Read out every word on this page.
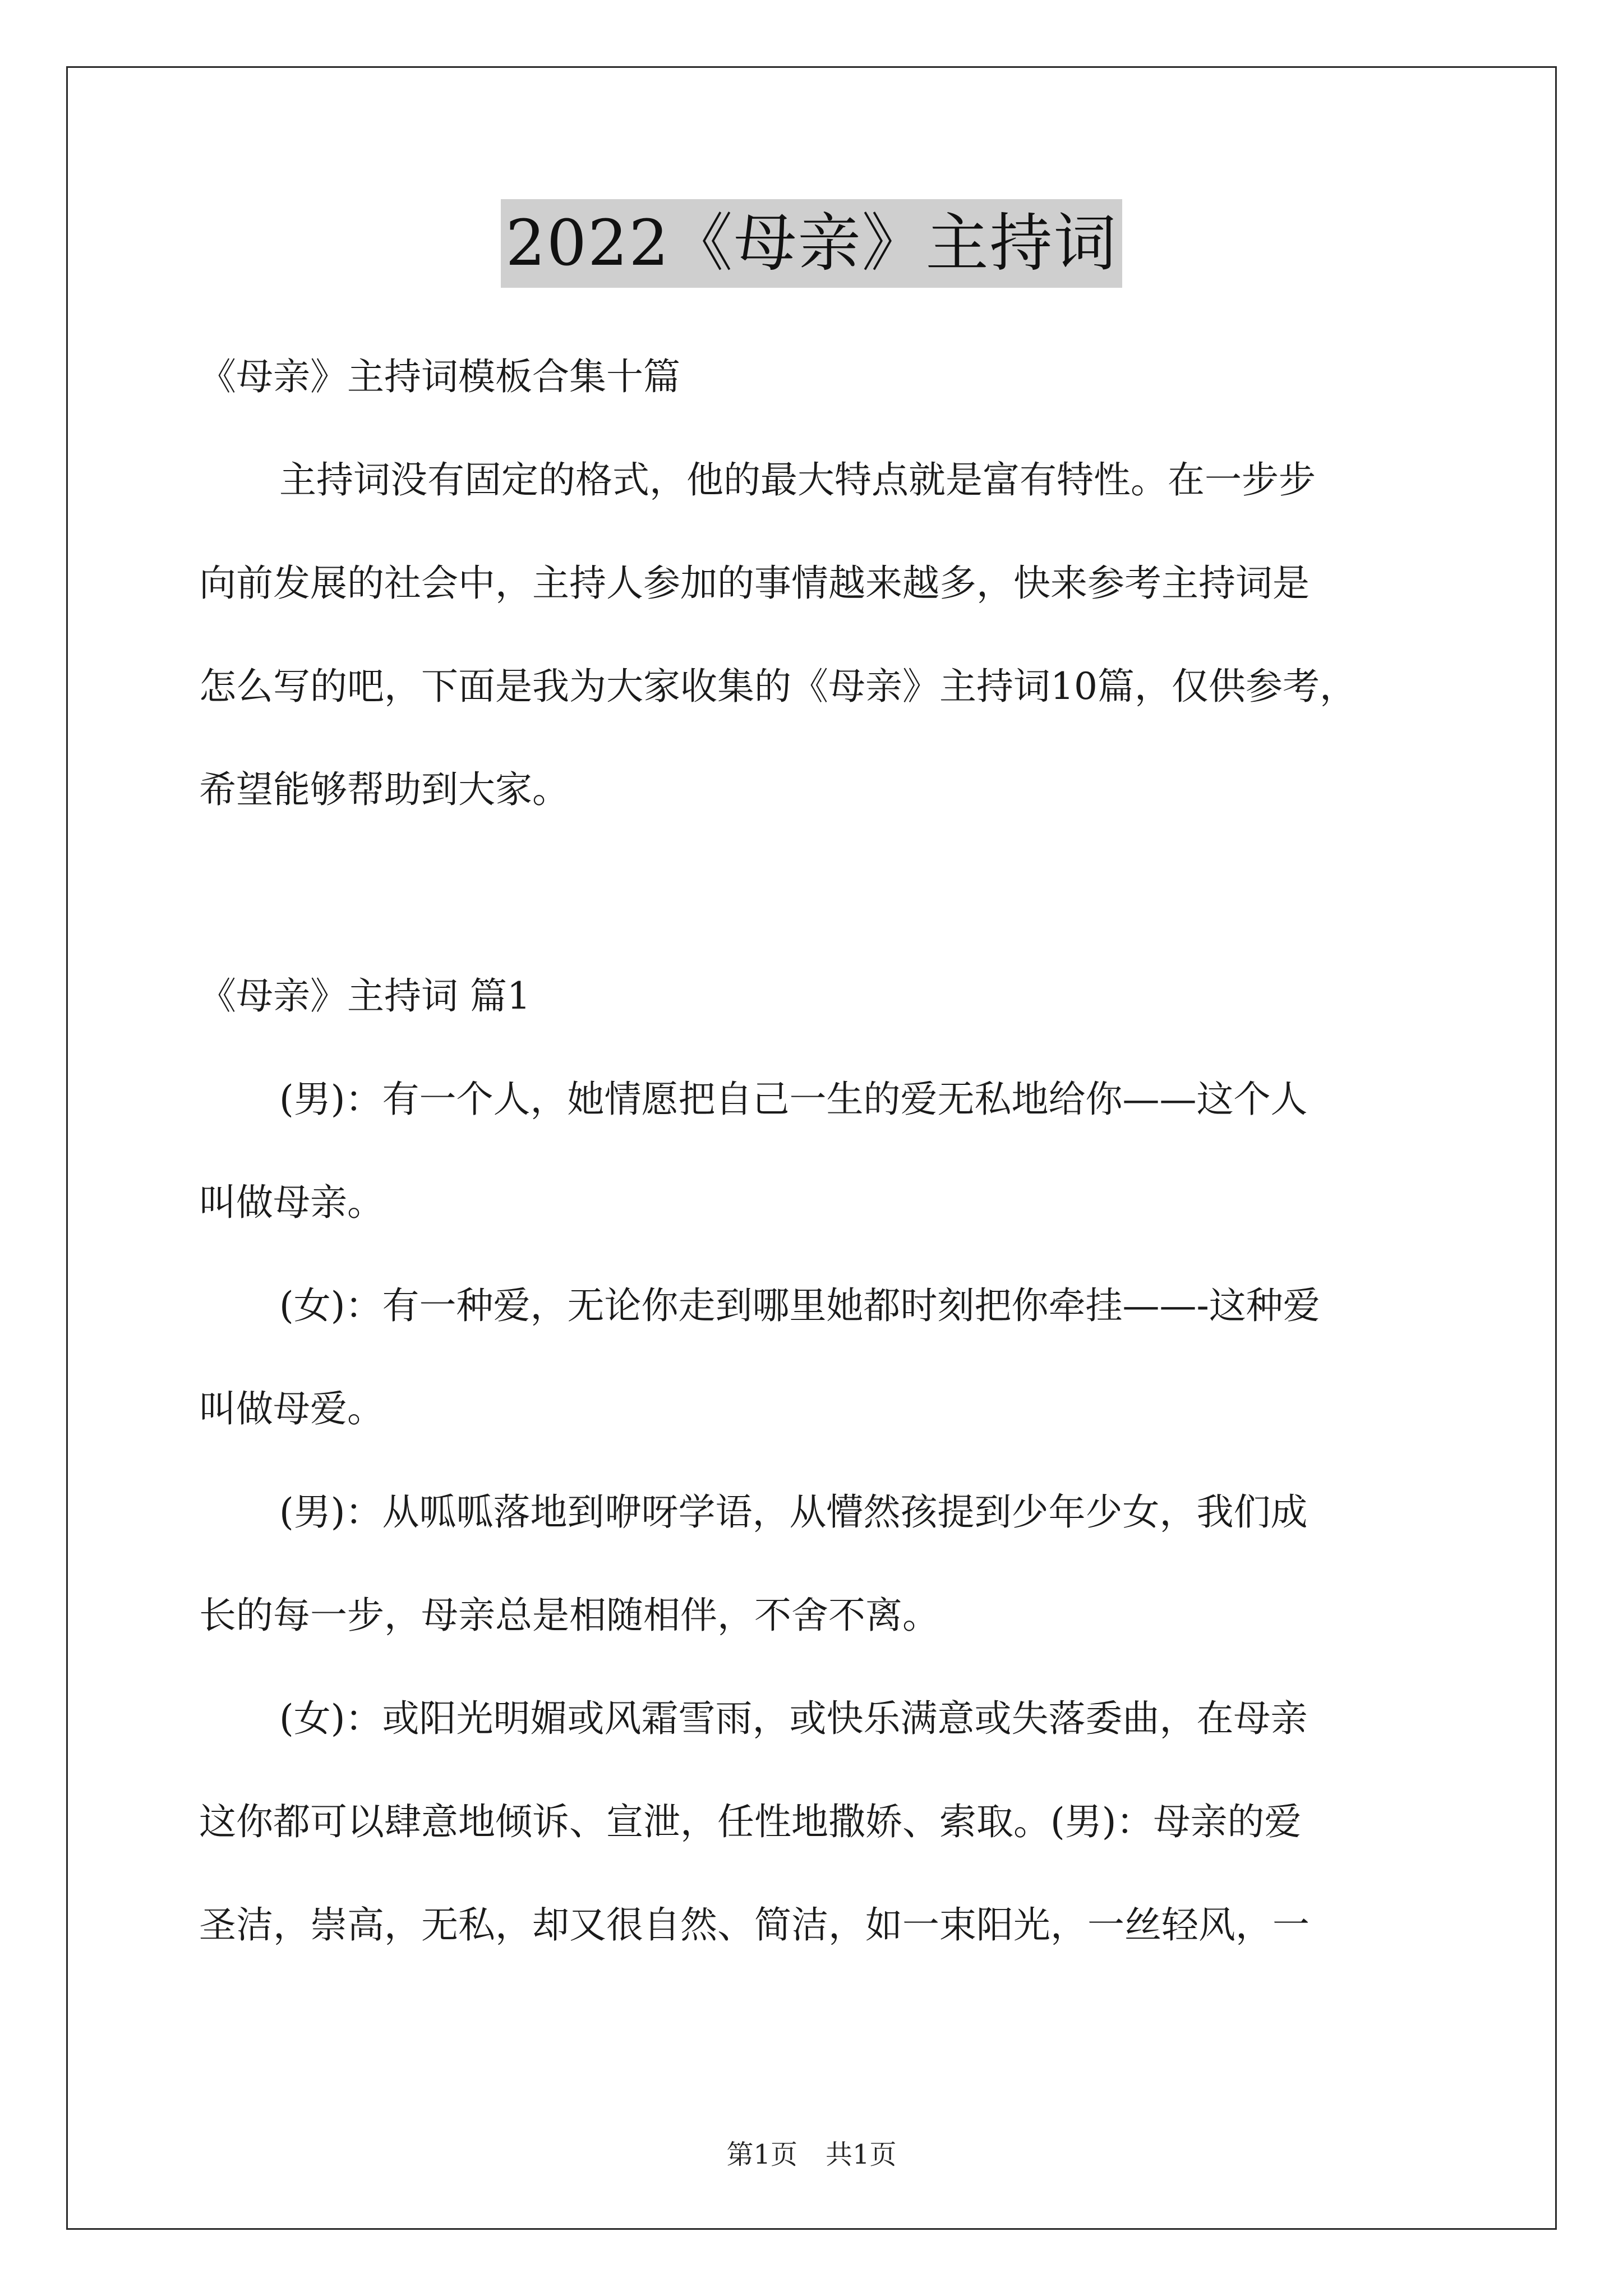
2022《母亲》主持词

《母亲》主持词模板合集十篇

主持词没有固定的格式，他的最大特点就是富有特性。在一步步

向前发展的社会中，主持人参加的事情越来越多，快来参考主持词是

怎么写的吧，下面是我为大家收集的《母亲》主持词10篇，仅供参考，

希望能够帮助到大家。

《母亲》主持词 篇1

(男)：有一个人，她情愿把自己一生的爱无私地给你——这个人

叫做母亲。

(女)：有一种爱，无论你走到哪里她都时刻把你牵挂——-这种爱

叫做母爱。

(男)：从呱呱落地到咿呀学语，从懵然孩提到少年少女，我们成

长的每一步，母亲总是相随相伴，不舍不离。

(女)：或阳光明媚或风霜雪雨，或快乐满意或失落委曲，在母亲

这你都可以肆意地倾诉、宣泄，任性地撒娇、索取。(男)：母亲的爱

圣洁，崇高，无私，却又很自然、简洁，如一束阳光，一丝轻风，一

第1页 共1页
